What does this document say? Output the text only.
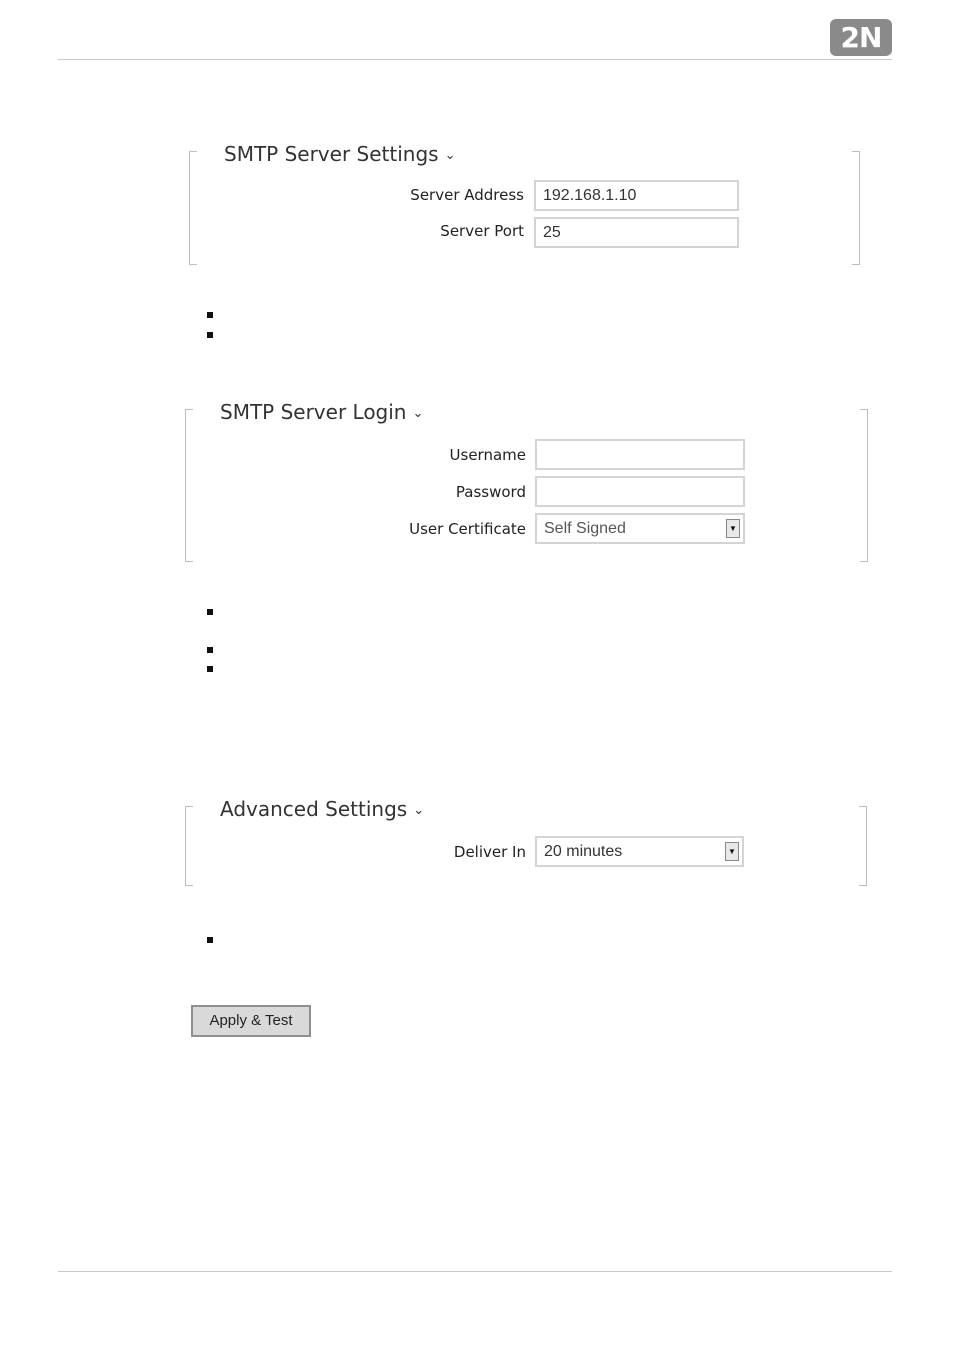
2N
SMTP Server Settings ⌄
Server Address	192.168.1.10
Server Port	25
SMTP Server Login ⌄
Username
Password
User Certificate	Self Signed	▼
Advanced Settings ⌄
Deliver In	20 minutes	▼
Apply & Test
